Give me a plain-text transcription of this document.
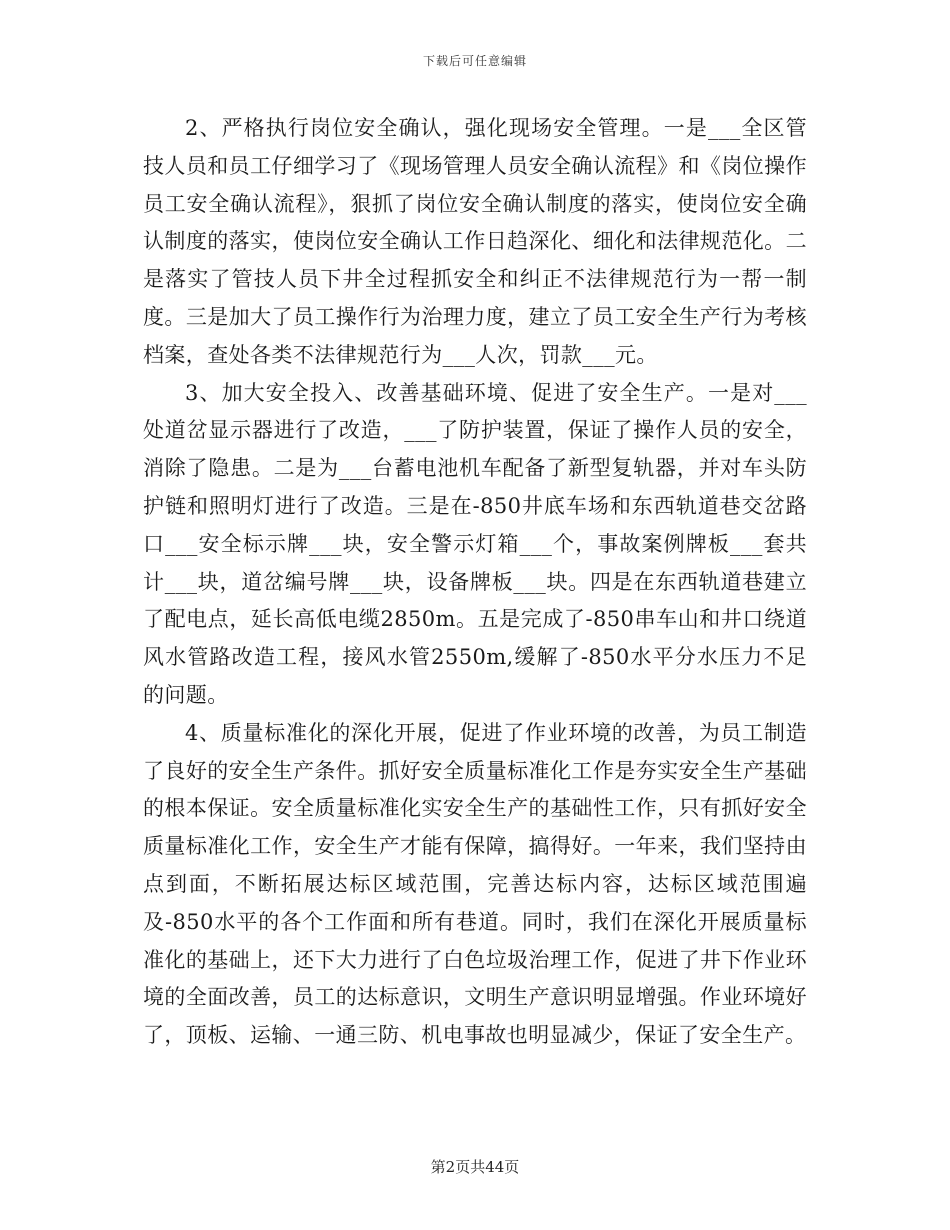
下载后可任意编辑

2、严格执行岗位安全确认，强化现场安全管理。一是___全区管技人员和员工仔细学习了《现场管理人员安全确认流程》和《岗位操作员工安全确认流程》，狠抓了岗位安全确认制度的落实，使岗位安全确认制度的落实，使岗位安全确认工作日趋深化、细化和法律规范化。二是落实了管技人员下井全过程抓安全和纠正不法律规范行为一帮一制度。三是加大了员工操作行为治理力度，建立了员工安全生产行为考核档案，查处各类不法律规范行为___人次，罚款___元。

3、加大安全投入、改善基础环境、促进了安全生产。一是对___处道岔显示器进行了改造，___了防护装置，保证了操作人员的安全，消除了隐患。二是为___台蓄电池机车配备了新型复轨器，并对车头防护链和照明灯进行了改造。三是在-850井底车场和东西轨道巷交岔路口___安全标示牌___块，安全警示灯箱___个，事故案例牌板___套共计___块，道岔编号牌___块，设备牌板___块。四是在东西轨道巷建立了配电点，延长高低电缆2850m。五是完成了-850串车山和井口绕道风水管路改造工程，接风水管2550m,缓解了-850水平分水压力不足的问题。

4、质量标准化的深化开展，促进了作业环境的改善，为员工制造了良好的安全生产条件。抓好安全质量标准化工作是夯实安全生产基础的根本保证。安全质量标准化实安全生产的基础性工作，只有抓好安全质量标准化工作，安全生产才能有保障，搞得好。一年来，我们坚持由点到面，不断拓展达标区域范围，完善达标内容，达标区域范围遍及-850水平的各个工作面和所有巷道。同时，我们在深化开展质量标准化的基础上，还下大力进行了白色垃圾治理工作，促进了井下作业环境的全面改善，员工的达标意识，文明生产意识明显增强。作业环境好了，顶板、运输、一通三防、机电事故也明显减少，保证了安全生产。

第2页共44页
